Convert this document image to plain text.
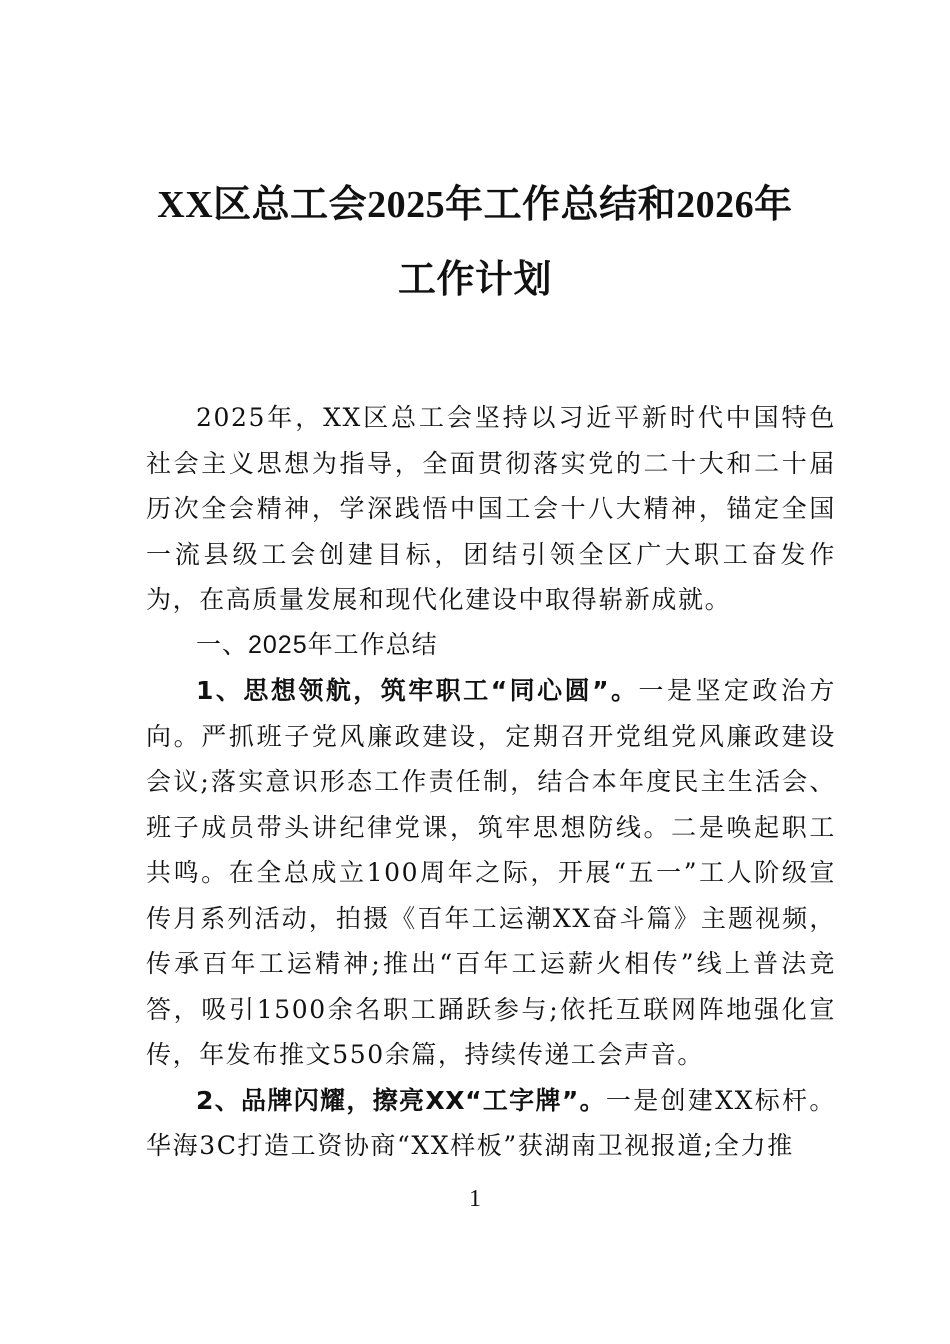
XX区总工会2025年工作总结和2026年工作计划

2025年，XX区总工会坚持以习近平新时代中国特色社会主义思想为指导，全面贯彻落实党的二十大和二十届历次全会精神，学深践悟中国工会十八大精神，锚定全国一流县级工会创建目标，团结引领全区广大职工奋发作为，在高质量发展和现代化建设中取得崭新成就。

一、2025年工作总结

1、思想领航，筑牢职工“同心圆”。一是坚定政治方向。严抓班子党风廉政建设，定期召开党组党风廉政建设会议;落实意识形态工作责任制，结合本年度民主生活会、班子成员带头讲纪律党课，筑牢思想防线。二是唤起职工共鸣。在全总成立100周年之际，开展“五一”工人阶级宣传月系列活动，拍摄《百年工运潮XX奋斗篇》主题视频，传承百年工运精神;推出“百年工运薪火相传”线上普法竞答，吸引1500余名职工踊跃参与;依托互联网阵地强化宣传，年发布推文550余篇，持续传递工会声音。

2、品牌闪耀，擦亮XX“工字牌”。一是创建XX标杆。华海3C打造工资协商“XX样板”获湖南卫视报道;全力推

1
